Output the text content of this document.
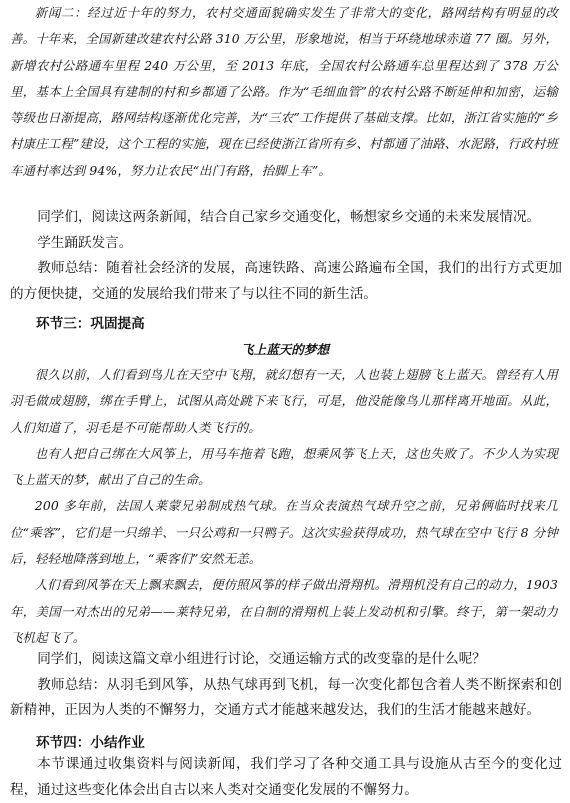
新闻二：经过近十年的努力，农村交通面貌确实发生了非常大的变化，路网结构有明显的改善。十年来，全国新建改建农村公路 310 万公里，形象地说，相当于环绕地球赤道 77 圈。另外，新增农村公路通车里程 240 万公里，至 2013 年底，全国农村公路通车总里程达到了 378 万公里，基本上全国具有建制的村和乡都通了公路。作为“毛细血管”的农村公路不断延伸和加密，运输等级也日渐提高，路网结构逐渐优化完善，为“三农”工作提供了基础支撑。比如，浙江省实施的“乡村康庄工程”建设，这个工程的实施，现在已经使浙江省所有乡、村都通了油路、水泥路，行政村班车通村率达到 94%，努力让农民“出门有路，抬脚上车”。

同学们，阅读这两条新闻，结合自己家乡交通变化，畅想家乡交通的未来发展情况。

学生踊跃发言。

教师总结：随着社会经济的发展，高速铁路、高速公路遍布全国，我们的出行方式更加的方便快捷，交通的发展给我们带来了与以往不同的新生活。

环节三：巩固提高
飞上蓝天的梦想

很久以前，人们看到鸟儿在天空中飞翔，就幻想有一天，人也装上翅膀飞上蓝天。曾经有人用羽毛做成翅膀，绑在手臂上，试图从高处跳下来飞行，可是，他没能像鸟儿那样离开地面。从此，人们知道了，羽毛是不可能帮助人类飞行的。

也有人把自己绑在大风筝上，用马车拖着飞跑，想乘风筝飞上天，这也失败了。不少人为实现飞上蓝天的梦，献出了自己的生命。

200 多年前，法国人莱蒙兄弟制成热气球。在当众表演热气球升空之前，兄弟俩临时找来几位“乘客”，它们是一只绵羊、一只公鸡和一只鸭子。这次实验获得成功，热气球在空中飞行 8 分钟后，轻轻地降落到地上，“乘客们”安然无恙。

人们看到风筝在天上飘来飘去，便仿照风筝的样子做出滑翔机。滑翔机没有自己的动力，1903 年，美国一对杰出的兄弟——莱特兄弟，在自制的滑翔机上装上发动机和引擎。终于，第一架动力飞机起飞了。

同学们，阅读这篇文章小组进行讨论，交通运输方式的改变靠的是什么呢？

教师总结：从羽毛到风筝，从热气球再到飞机，每一次变化都包含着人类不断探索和创新精神，正因为人类的不懈努力，交通方式才能越来越发达，我们的生活才能越来越好。

环节四：小结作业

本节课通过收集资料与阅读新闻，我们学习了各种交通工具与设施从古至今的变化过程，通过这些变化体会出自古以来人类对交通变化发展的不懈努力。
